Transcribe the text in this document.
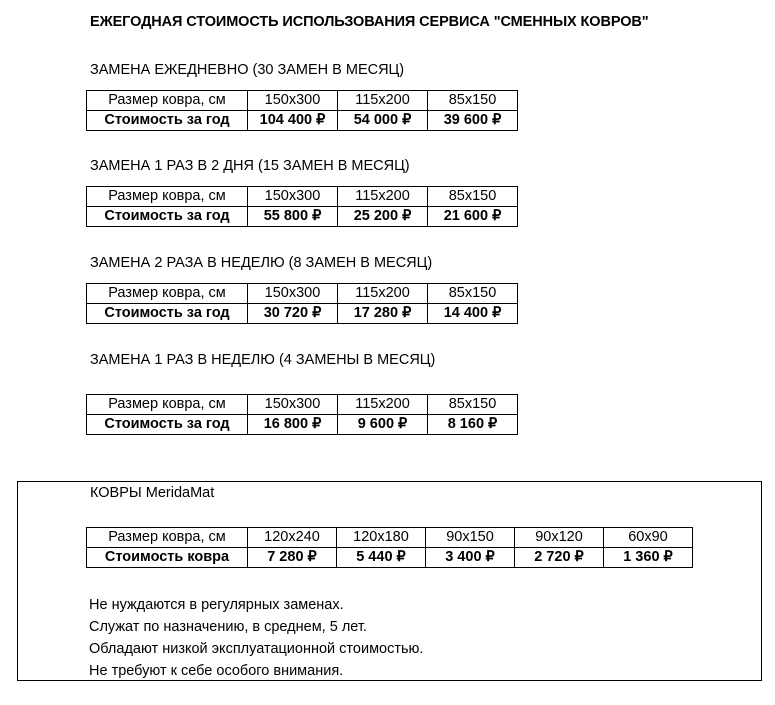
ЕЖЕГОДНАЯ СТОИМОСТЬ ИСПОЛЬЗОВАНИЯ СЕРВИСА "СМЕННЫХ КОВРОВ"
ЗАМЕНА ЕЖЕДНЕВНО (30 ЗАМЕН В МЕСЯЦ)
Размер ковра, см	150x300	115x200	85x150
Стоимость за год	104 400 ₽	54 000 ₽	39 600 ₽
ЗАМЕНА 1 РАЗ В 2 ДНЯ (15 ЗАМЕН В МЕСЯЦ)
Размер ковра, см	150x300	115x200	85x150
Стоимость за год	55 800 ₽	25 200 ₽	21 600 ₽
ЗАМЕНА 2 РАЗА В НЕДЕЛЮ (8 ЗАМЕН В МЕСЯЦ)
Размер ковра, см	150x300	115x200	85x150
Стоимость за год	30 720 ₽	17 280 ₽	14 400 ₽
ЗАМЕНА 1 РАЗ В НЕДЕЛЮ (4 ЗАМЕНЫ В МЕСЯЦ)
Размер ковра, см	150x300	115x200	85x150
Стоимость за год	16 800 ₽	9 600 ₽	8 160 ₽
КОВРЫ MeridaMat
Размер ковра, см	120x240	120x180	90x150	90x120	60x90
Стоимость ковра	7 280 ₽	5 440 ₽	3 400 ₽	2 720 ₽	1 360 ₽
Не нуждаются в регулярных заменах.
Служат по назначению, в среднем, 5 лет.
Обладают низкой эксплуатационной стоимостью.
Не требуют к себе особого внимания.
